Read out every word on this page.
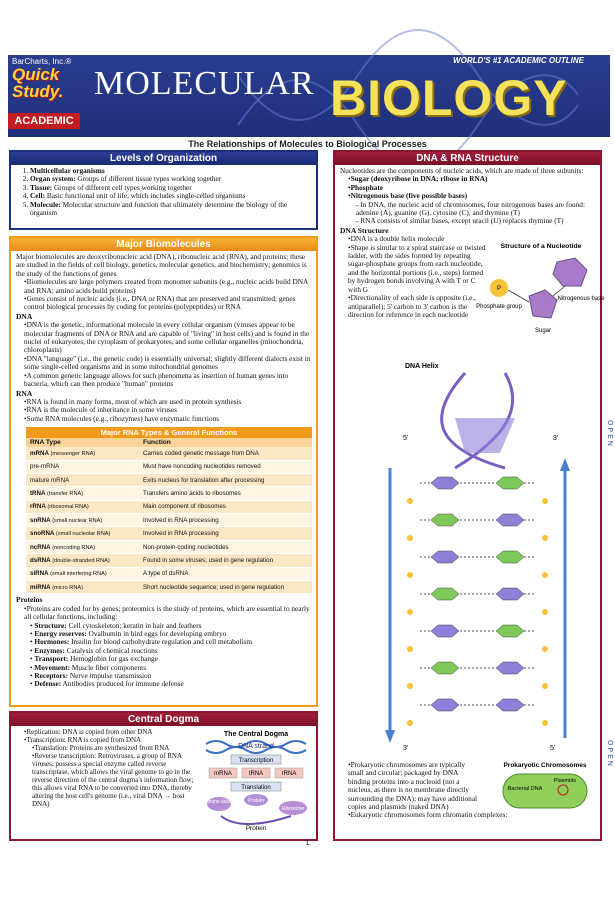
BarCharts, Inc.®
Quick
Study.
ACADEMIC
WORLD'S #1 ACADEMIC OUTLINE
MOLECULAR BIOLOGY
The Relationships of Molecules to Biological Processes
Levels of Organization
1. Multicellular organisms
2. Organ system: Groups of different tissue types working together
3. Tissue: Groups of different cell types working together
4. Cell: Basic functional unit of life, which includes single-celled organisms
5. Molecule: Molecular structure and function that ultimately determine the biology of the organism
Major Biomolecules

Major biomolecules are deoxyribonucleic acid (DNA), ribonucleic acid (RNA), and proteins; these are studied in the fields of cell biology, genetics, molecular genetics, and biochemistry; genomics is the study of the functions of genes

•Biomolecules are large polymers created from monomer subunits (e.g., nucleic acids build DNA and RNA; amino acids build proteins)
•Genes consist of nucleic acids (i.e., DNA or RNA) that are preserved and transmitted; genes control biological processes by coding for proteins (polypeptides) or RNA
DNA
•DNA is the genetic, informational molecule in every cellular organism (viruses appear to be molecular fragments of DNA or RNA and are capable of "living" in host cells) and is found in the nuclei of eukaryotes, the cytoplasm of prokaryotes, and some cellular organelles (mitochondria, chloroplasts)
•DNA "language" (i.e., the genetic code) is essentially universal; slightly different dialects exist in some single-celled organisms and in some mitochondrial genomes
•A common genetic language allows for such phenomena as insertion of human genes into bacteria, which can then produce "human" proteins
RNA
•RNA is found in many forms, most of which are used in protein synthesis
•RNA is the molecule of inheritance in some viruses
•Some RNA molecules (e.g., ribozymes) have enzymatic functions
Major RNA Types & General Functions
RNA Type	Function
mRNA (messenger RNA)	Carries coded genetic message from DNA
pre-mRNA	Must have noncoding nucleotides removed
mature mRNA	Exits nucleus for translation after processing
tRNA (transfer RNA)	Transfers amino acids to ribosomes
rRNA (ribosomal RNA)	Main component of ribosomes
snRNA (small nuclear RNA)	Involved in RNA processing
snoRNA (small nucleolar RNA)	Involved in RNA processing
ncRNA (noncoding RNA)	Non-protein-coding nucleotides
dsRNA (double-stranded RNA)	Found in some viruses; used in gene regulation
siRNA (small interfering RNA)	A type of dsRNA
miRNA (micro RNA)	Short nucleotide sequence; used in gene regulation
Proteins
•Proteins are coded for by genes; proteomics is the study of proteins, which are essential to nearly all cellular functions, including:
• Structure: Cell cytoskeleton; keratin in hair and feathers
• Energy reserves: Ovalbumin in bird eggs for developing embryo
• Hormones: Insulin for blood carbohydrate regulation and cell metabolism
• Enzymes: Catalysis of chemical reactions
• Transport: Hemoglobin for gas exchange
• Movement: Muscle fiber components
• Receptors: Nerve impulse transmission
• Defense: Antibodies produced for immune defense
Central Dogma
•Replication: DNA is copied from other DNA
•Transcription: RNA is copied from DNA
•Translation: Proteins are synthesized from RNA
•Reverse transcription: Retroviruses, a group of RNA viruses, possess a special enzyme called reverse transcriptase, which allows the viral genome to go in the reverse direction of the central dogma's information flow; this allows viral RNA to be converted into DNA, thereby altering the host cell's genome (i.e., viral DNA → host DNA)
The Central Dogma
DNA strand
Transcription
mRNA	tRNA	rRNA
Translation
Amino acids	Protein
Ribosome
Protein
DNA & RNA Structure

Nucleotides are the components of nucleic acids, which are made of three subunits:

•Sugar (deoxyribose in DNA; ribose in RNA)
•Phosphate
•Nitrogenous base (five possible bases)
- In DNA, the nucleic acid of chromosomes, four nitrogenous bases are found: adenine (A), guanine (G), cytosine (C), and thymine (T)
- RNA consists of similar bases, except uracil (U) replaces thymine (T)
DNA Structure
•DNA is a double helix molecule
•Shape is similar to a spiral staircase or twisted ladder, with the sides formed by repeating sugar-phosphate groups from each nucleotide, and the horizontal portions (i.e., steps) formed by hydrogen bonds involving A with T or C with G
•Directionality of each side is opposite (i.e., antiparallel); 5' carbon to 3' carbon is the direction for reference in each nucleotide
Structure of a Nucleotide
P
Nitrogenous base
Phosphate group
Sugar
DNA Helix
5'	3'
3'	5'
•Prokaryotic chromosomes are typically small and circular; packaged by DNA binding proteins into a nucleoid (not a nucleus, as there is no membrane directly surrounding the DNA); may have additional copies and plasmids (naked DNA)
•Eukaryotic chromosomes form chromatin complexes:
Prokaryotic Chromosomes
Bacterial DNA
Plasmids
OPEN
OPEN
1
